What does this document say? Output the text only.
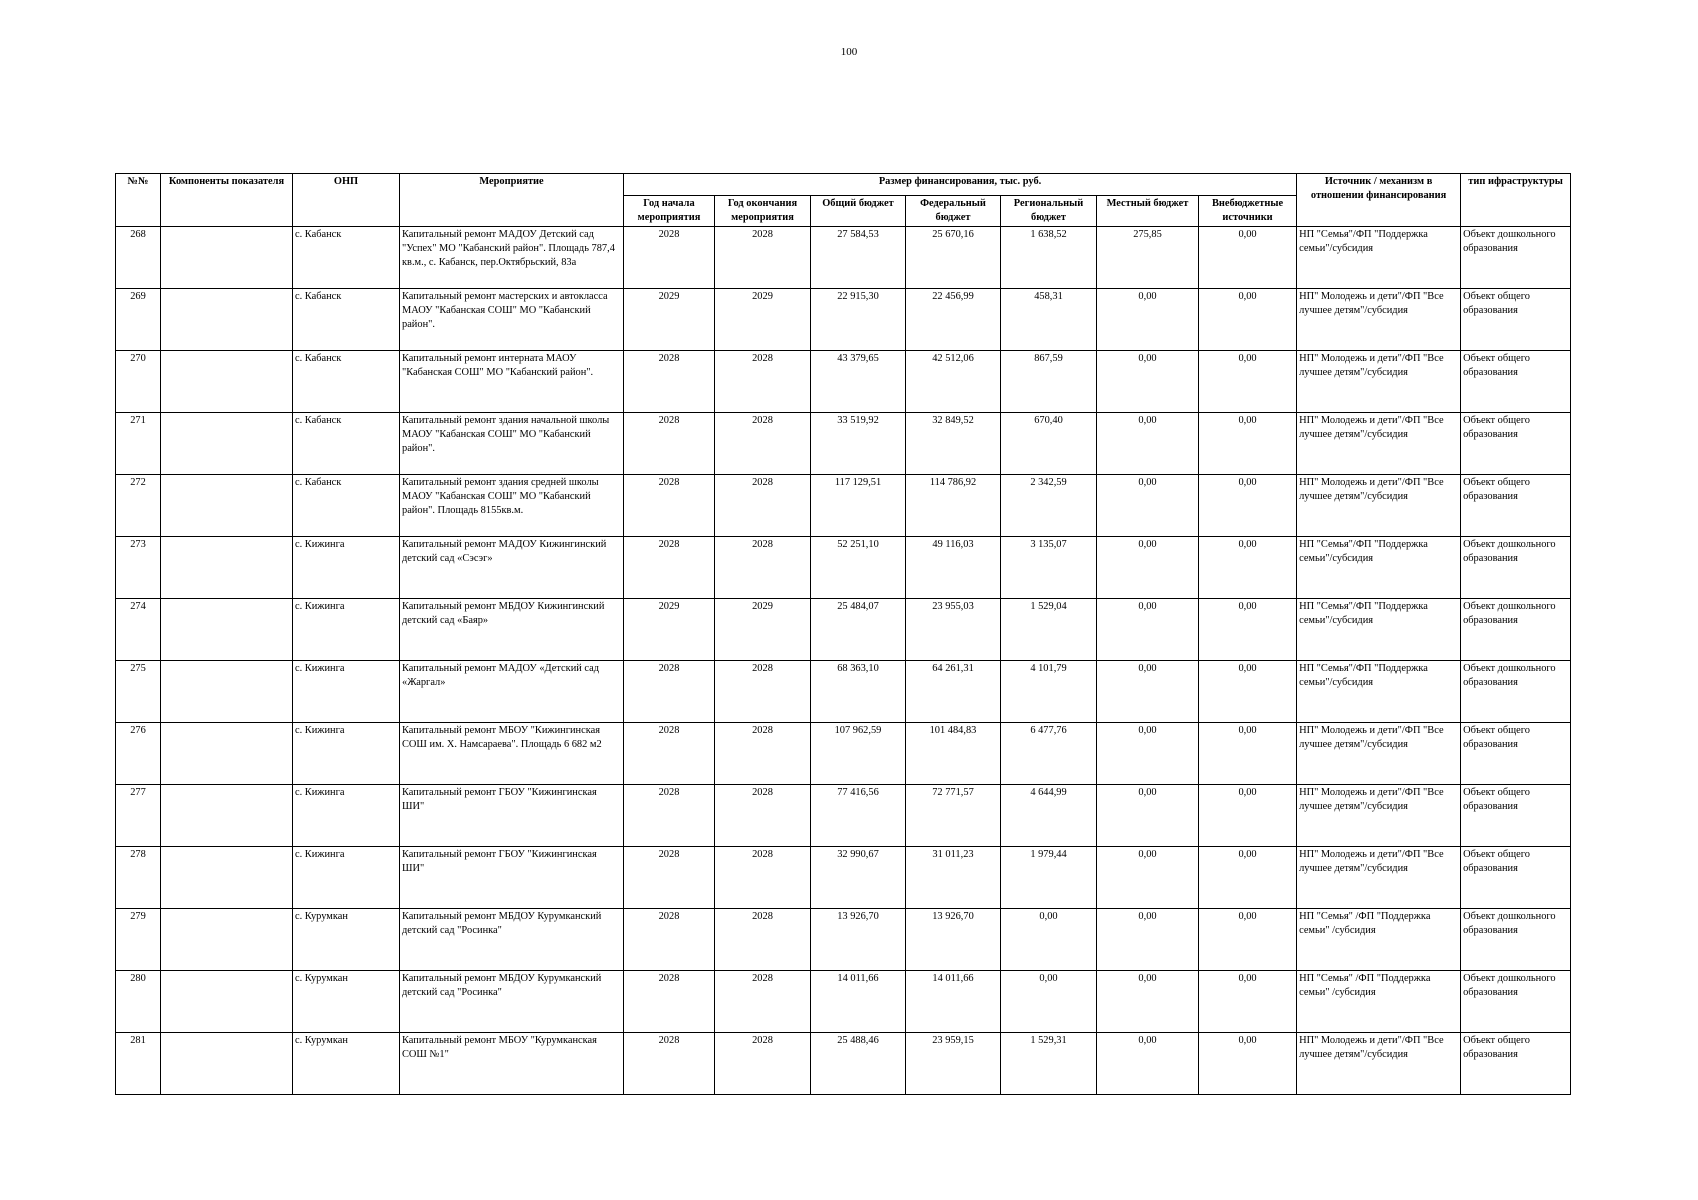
100
№№	Компоненты показателя	ОНП	Мероприятие	Размер финансирования, тыс. руб.							Источник / механизм в отношении финансирования	тип ифраструктуры
				Год начала мероприятия	Год окончания мероприятия	Общий бюджет	Федеральный бюджет	Региональный бюджет	Местный бюджет	Внебюджетные источники		
268		с. Кабанск	Капитальный ремонт МАДОУ Детский сад "Успех" МО "Кабанский район". Площадь 787,4 кв.м., с. Кабанск, пер.Октябрьский, 83а	2028	2028	27 584,53	25 670,16	1 638,52	275,85	0,00	НП "Семья"/ФП "Поддержка семьи"/субсидия	Объект дошкольного образования
269		с. Кабанск	Капитальный ремонт мастерских и автокласса МАОУ "Кабанская СОШ" МО "Кабанский район".	2029	2029	22 915,30	22 456,99	458,31	0,00	0,00	НП" Молодежь и дети"/ФП "Все лучшее детям"/субсидия	Объект общего образования
270		с. Кабанск	Капитальный ремонт интерната МАОУ "Кабанская СОШ" МО "Кабанский район".	2028	2028	43 379,65	42 512,06	867,59	0,00	0,00	НП" Молодежь и дети"/ФП "Все лучшее детям"/субсидия	Объект общего образования
271		с. Кабанск	Капитальный ремонт здания начальной школы МАОУ "Кабанская СОШ" МО "Кабанский район".	2028	2028	33 519,92	32 849,52	670,40	0,00	0,00	НП" Молодежь и дети"/ФП "Все лучшее детям"/субсидия	Объект общего образования
272		с. Кабанск	Капитальный ремонт здания средней школы МАОУ "Кабанская СОШ" МО "Кабанский район". Площадь 8155кв.м.	2028	2028	117 129,51	114 786,92	2 342,59	0,00	0,00	НП" Молодежь и дети"/ФП "Все лучшее детям"/субсидия	Объект общего образования
273		с. Кижинга	Капитальный ремонт МАДОУ Кижингинский детский сад «Сэсэг»	2028	2028	52 251,10	49 116,03	3 135,07	0,00	0,00	НП "Семья"/ФП "Поддержка семьи"/субсидия	Объект дошкольного образования
274		с. Кижинга	Капитальный ремонт МБДОУ Кижингинский детский сад «Баяр»	2029	2029	25 484,07	23 955,03	1 529,04	0,00	0,00	НП "Семья"/ФП "Поддержка семьи"/субсидия	Объект дошкольного образования
275		с. Кижинга	Капитальный ремонт МАДОУ «Детский сад «Жаргал»	2028	2028	68 363,10	64 261,31	4 101,79	0,00	0,00	НП "Семья"/ФП "Поддержка семьи"/субсидия	Объект дошкольного образования
276		с. Кижинга	Капитальный ремонт МБОУ "Кижингинская СОШ им. Х. Намсараева". Площадь 6 682 м2	2028	2028	107 962,59	101 484,83	6 477,76	0,00	0,00	НП" Молодежь и дети"/ФП "Все лучшее детям"/субсидия	Объект общего образования
277		с. Кижинга	Капитальный ремонт ГБОУ "Кижингинская ШИ"	2028	2028	77 416,56	72 771,57	4 644,99	0,00	0,00	НП" Молодежь и дети"/ФП "Все лучшее детям"/субсидия	Объект общего образования
278		с. Кижинга	Капитальный ремонт ГБОУ "Кижингинская ШИ"	2028	2028	32 990,67	31 011,23	1 979,44	0,00	0,00	НП" Молодежь и дети"/ФП "Все лучшее детям"/субсидия	Объект общего образования
279		с. Курумкан	Капитальный ремонт МБДОУ Курумканский детский сад "Росинка"	2028	2028	13 926,70	13 926,70	0,00	0,00	0,00	НП "Семья" /ФП "Поддержка семьи" /субсидия	Объект дошкольного образования
280		с. Курумкан	Капитальный ремонт МБДОУ Курумканский детский сад "Росинка"	2028	2028	14 011,66	14 011,66	0,00	0,00	0,00	НП "Семья" /ФП "Поддержка семьи" /субсидия	Объект дошкольного образования
281		с. Курумкан	Капитальный ремонт МБОУ "Курумканская СОШ №1"	2028	2028	25 488,46	23 959,15	1 529,31	0,00	0,00	НП" Молодежь и дети"/ФП "Все лучшее детям"/субсидия	Объект общего образования
